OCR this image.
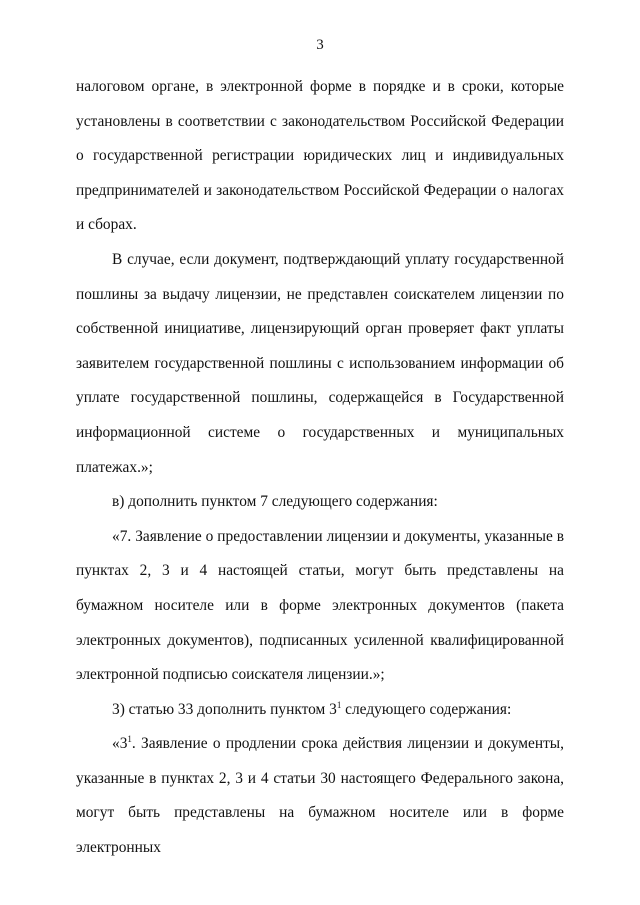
3

налоговом органе, в электронной форме в порядке и в сроки, которые установлены в соответствии с законодательством Российской Федерации о государственной регистрации юридических лиц и индивидуальных предпринимателей и законодательством Российской Федерации о налогах и сборах.

В случае, если документ, подтверждающий уплату государственной пошлины за выдачу лицензии, не представлен соискателем лицензии по собственной инициативе, лицензирующий орган проверяет факт уплаты заявителем государственной пошлины с использованием информации об уплате государственной пошлины, содержащейся в Государственной информационной системе о государственных и муниципальных платежах.»;

в) дополнить пунктом 7 следующего содержания:

«7. Заявление о предоставлении лицензии и документы, указанные в пунктах 2, 3 и 4 настоящей статьи, могут быть представлены на бумажном носителе или в форме электронных документов (пакета электронных документов), подписанных усиленной квалифицированной электронной подписью соискателя лицензии.»;

3) статью 33 дополнить пунктом $3^1$ следующего содержания:

«$3^1$. Заявление о продлении срока действия лицензии и документы, указанные в пунктах 2, 3 и 4 статьи 30 настоящего Федерального закона, могут быть представлены на бумажном носителе или в форме электронных
